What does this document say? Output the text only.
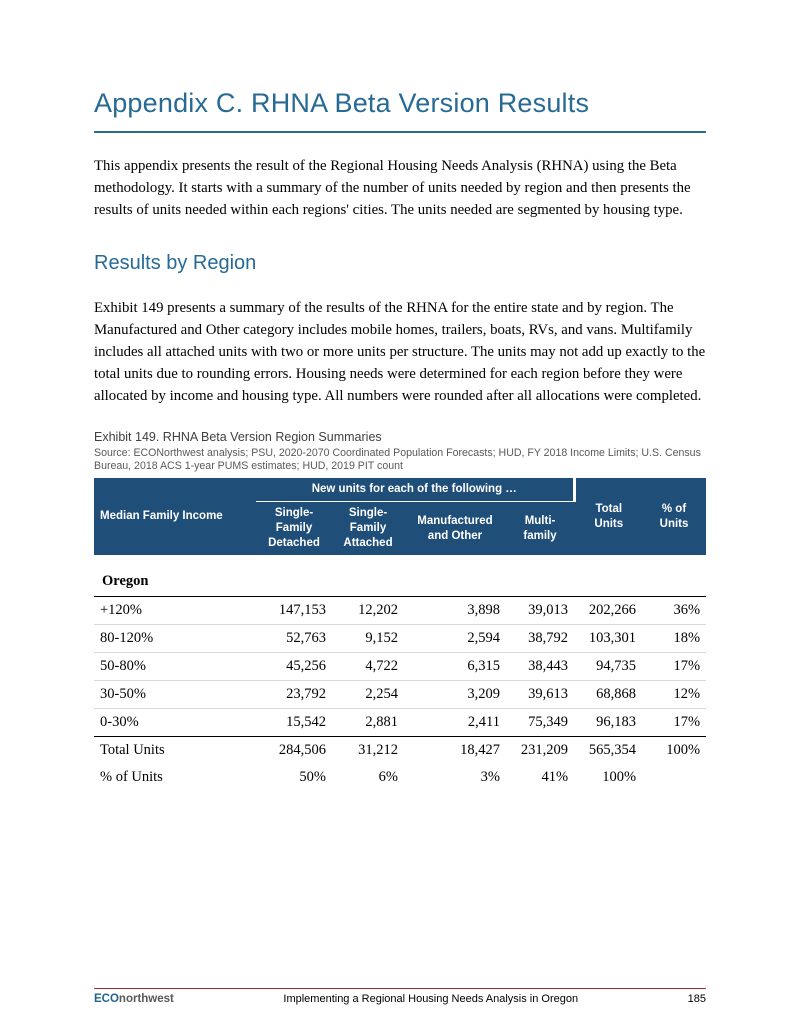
Appendix C. RHNA Beta Version Results

This appendix presents the result of the Regional Housing Needs Analysis (RHNA) using the Beta methodology. It starts with a summary of the number of units needed by region and then presents the results of units needed within each regions' cities. The units needed are segmented by housing type.

Results by Region

Exhibit 149 presents a summary of the results of the RHNA for the entire state and by region. The Manufactured and Other category includes mobile homes, trailers, boats, RVs, and vans. Multifamily includes all attached units with two or more units per structure. The units may not add up exactly to the total units due to rounding errors. Housing needs were determined for each region before they were allocated by income and housing type. All numbers were rounded after all allocations were completed.

Exhibit 149. RHNA Beta Version Region Summaries
Source: ECONorthwest analysis; PSU, 2020-2070 Coordinated Population Forecasts; HUD, FY 2018 Income Limits; U.S. Census Bureau, 2018 ACS 1-year PUMS estimates; HUD, 2019 PIT count
Median Family Income	New units for each of the following …				Total Units	% of Units
	Single-Family Detached	Single-Family Attached	Manufactured and Other	Multi-family		
Oregon						
+120%	147,153	12,202	3,898	39,013	202,266	36%
80-120%	52,763	9,152	2,594	38,792	103,301	18%
50-80%	45,256	4,722	6,315	38,443	94,735	17%
30-50%	23,792	2,254	3,209	39,613	68,868	12%
0-30%	15,542	2,881	2,411	75,349	96,183	17%
Total Units	284,506	31,212	18,427	231,209	565,354	100%
% of Units	50%	6%	3%	41%	100%	
ECOnorthwest	Implementing a Regional Housing Needs Analysis in Oregon	185
